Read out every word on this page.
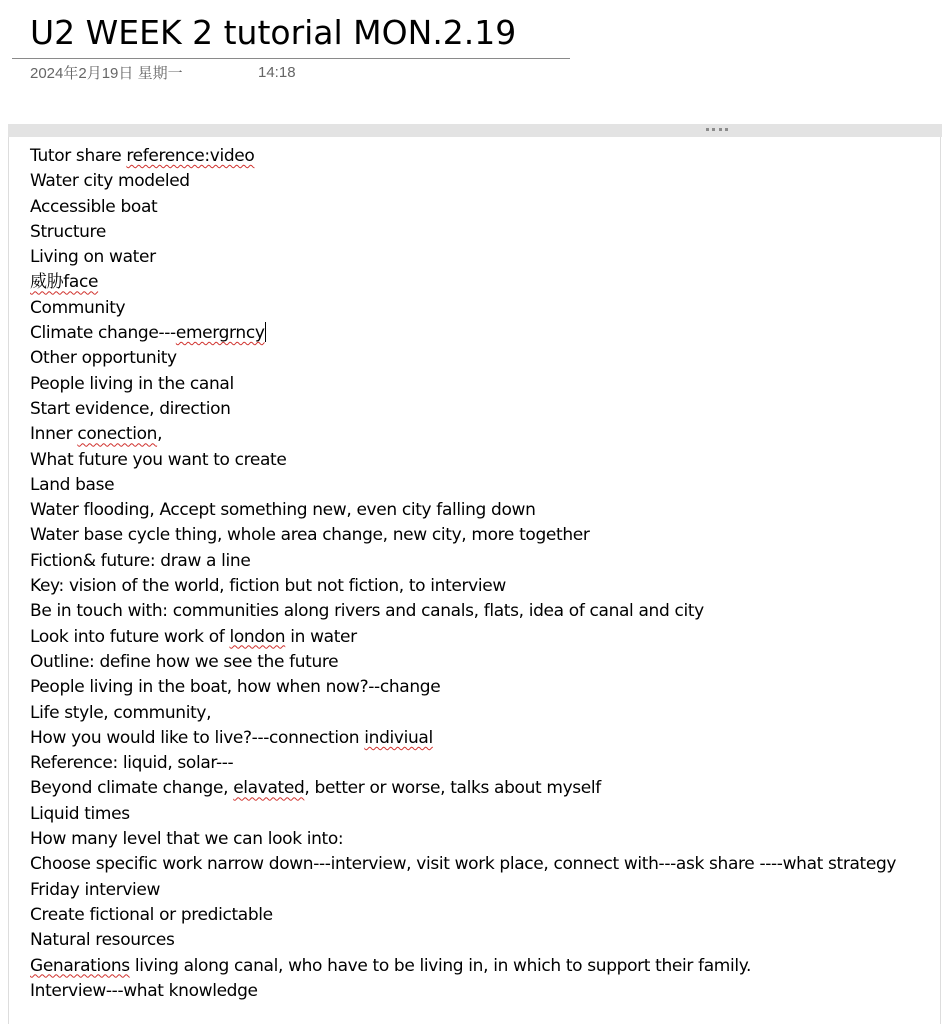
U2 WEEK 2 tutorial MON.2.19
2024年2月19日 星期一	14:18
Tutor share reference:video
Water city modeled
Accessible boat
Structure
Living on water
威胁face
Community
Climate change---emergrncy
Other opportunity
People living in the canal
Start evidence, direction
Inner conection,
What future you want to create
Land base
Water flooding, Accept something new, even city falling down
Water base cycle thing, whole area change, new city, more together
Fiction& future: draw a line
Key: vision of the world, fiction but not fiction, to interview
Be in touch with: communities along rivers and canals, flats, idea of canal and city
Look into future work of london in water
Outline: define how we see the future
People living in the boat, how when now?--change
Life style, community,
How you would like to live?---connection indiviual
Reference: liquid, solar---
Beyond climate change, elavated, better or worse, talks about myself
Liquid times
How many level that we can look into:
Choose specific work narrow down---interview, visit work place, connect with---ask share ----what strategy
Friday interview
Create fictional or predictable
Natural resources
Genarations living along canal, who have to be living in, in which to support their family.
Interview---what knowledge
